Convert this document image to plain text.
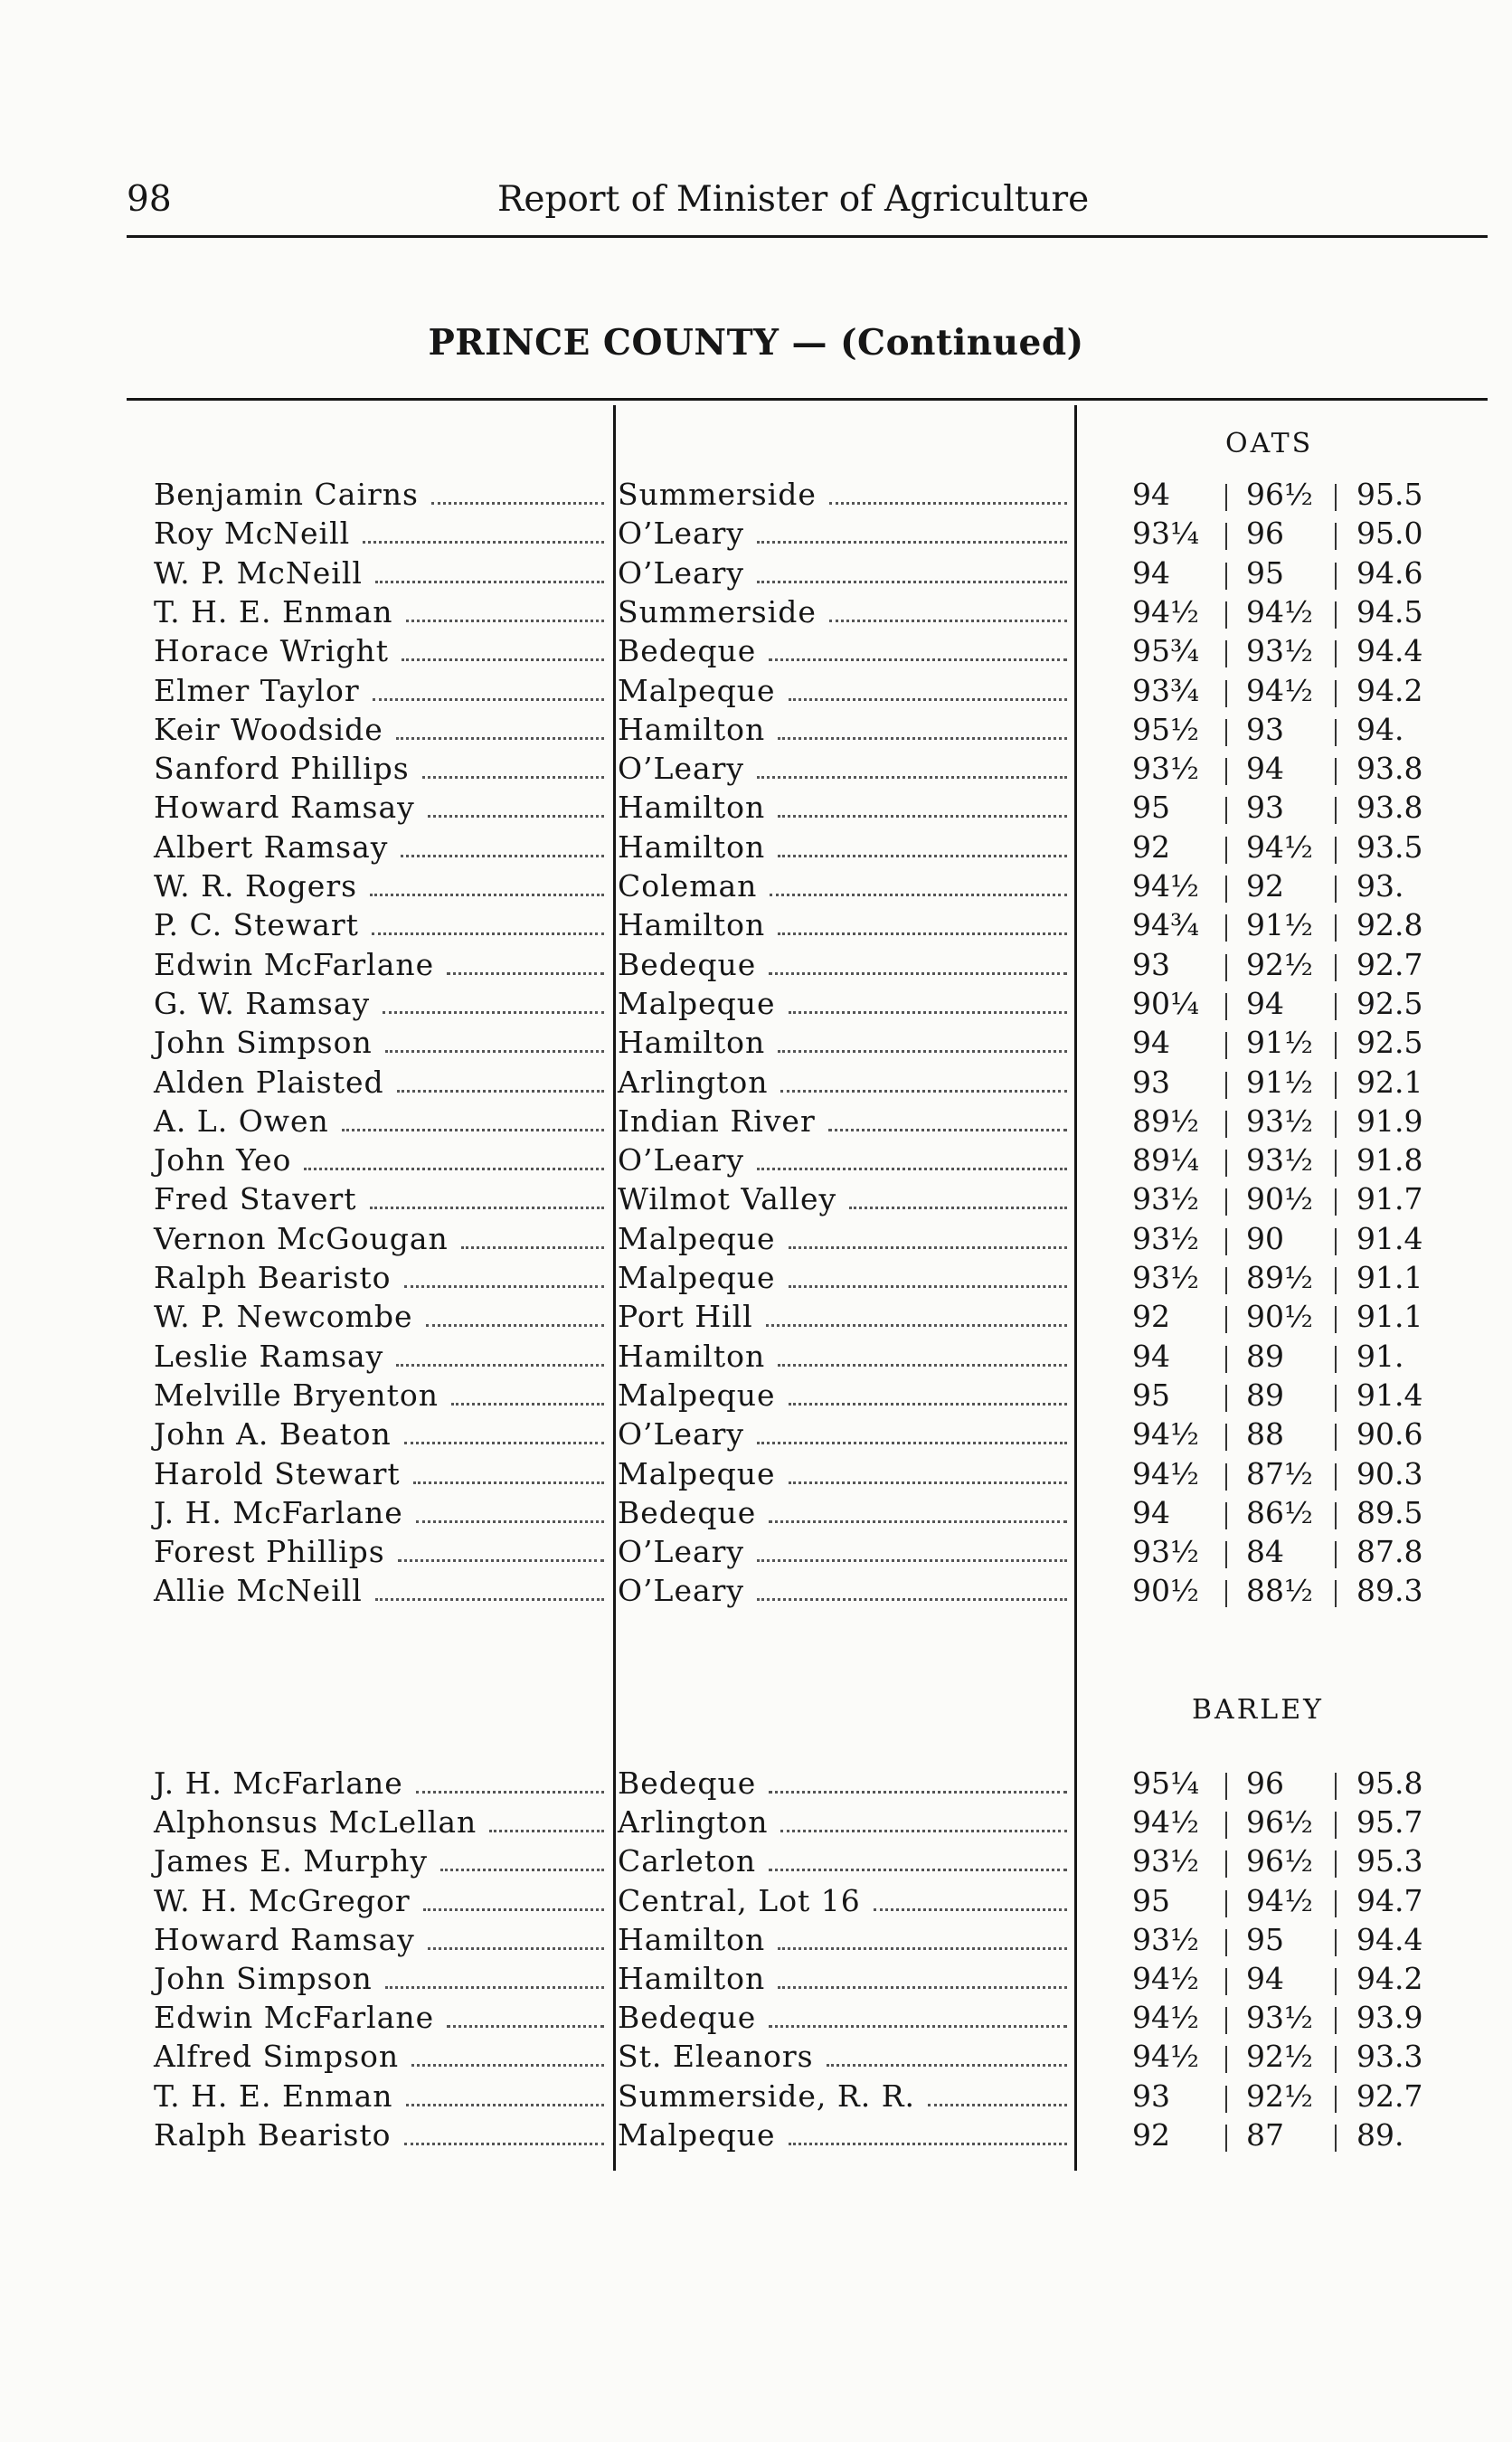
98	Report of Minister of Agriculture
PRINCE COUNTY — (Continued)
OATS
Benjamin Cairns	Summerside	94	96½ 95.5
Roy McNeill	O’Leary	93¼ 96 95.0
W. P. McNeill	O’Leary	94	95 94.6
T. H. E. Enman	Summerside	94½ 94½ 94.5
Horace Wright	Bedeque	95¾ 93½ 94.4
Elmer Taylor	Malpeque	93¾ 94½ 94.2
Keir Woodside	Hamilton	95½ 93 94.
Sanford Phillips	O’Leary	93½ 94 93.8
Howard Ramsay	Hamilton	95	93 93.8
Albert Ramsay	Hamilton	92	94½ 93.5
W. R. Rogers	Coleman	94½ 92 93.
P. C. Stewart	Hamilton	94¾ 91½ 92.8
Edwin McFarlane	Bedeque	93	92½ 92.7
G. W. Ramsay	Malpeque	90¼ 94 92.5
John Simpson	Hamilton	94	91½ 92.5
Alden Plaisted	Arlington	93	91½ 92.1
A. L. Owen	Indian River	89½ 93½ 91.9
John Yeo	O’Leary	89¼ 93½ 91.8
Fred Stavert	Wilmot Valley	93½ 90½ 91.7
Vernon McGougan	Malpeque	93½ 90 91.4
Ralph Bearisto	Malpeque	93½ 89½ 91.1
W. P. Newcombe	Port Hill	92	90½ 91.1
Leslie Ramsay	Hamilton	94	89 91.
Melville Bryenton	Malpeque	95	89 91.4
John A. Beaton	O’Leary	94½ 88 90.6
Harold Stewart	Malpeque	94½ 87½ 90.3
J. H. McFarlane	Bedeque	94	86½ 89.5
Forest Phillips	O’Leary	93½ 84 87.8
Allie McNeill	O’Leary	90½ 88½ 89.3
BARLEY
J. H. McFarlane	Bedeque	95¼ 96 95.8
Alphonsus McLellan	Arlington	94½ 96½ 95.7
James E. Murphy	Carleton	93½ 96½ 95.3
W. H. McGregor	Central, Lot 16	95	94½ 94.7
Howard Ramsay	Hamilton	93½ 95 94.4
John Simpson	Hamilton	94½ 94 94.2
Edwin McFarlane	Bedeque	94½ 93½ 93.9
Alfred Simpson	St. Eleanors	94½ 92½ 93.3
T. H. E. Enman	Summerside, R. R.	93	92½ 92.7
Ralph Bearisto	Malpeque	92	87 89.
